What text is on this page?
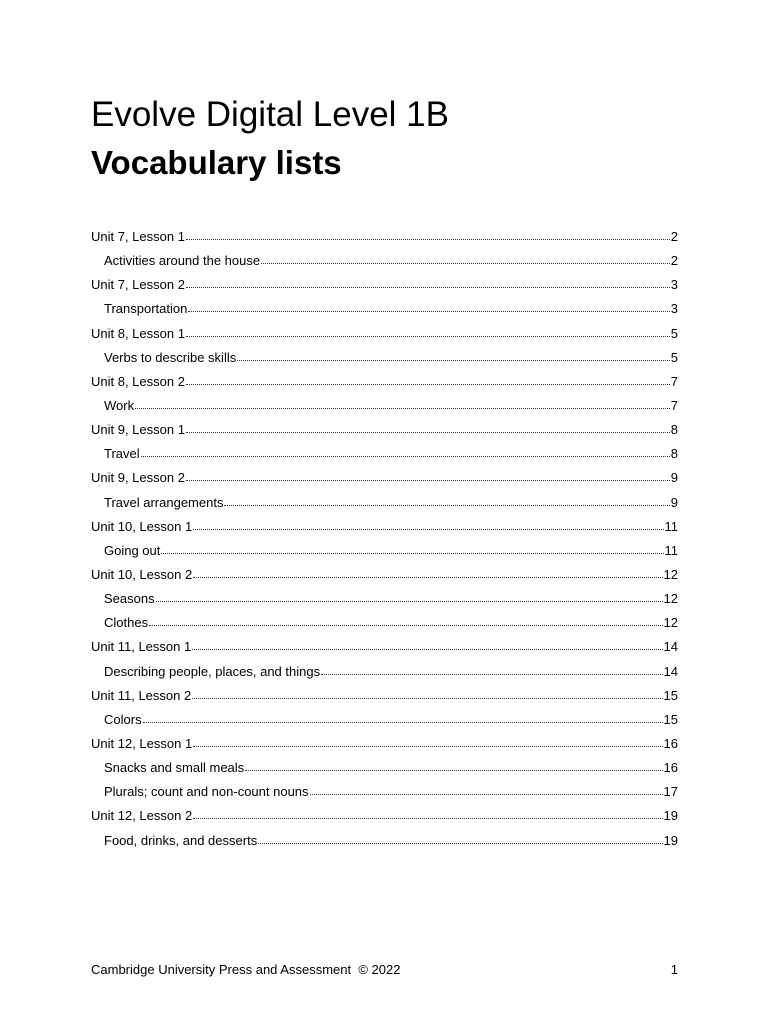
Evolve Digital Level 1B
Vocabulary lists
Unit 7, Lesson 1	2
Activities around the house	2
Unit 7, Lesson 2	3
Transportation	3
Unit 8, Lesson 1	5
Verbs to describe skills	5
Unit 8, Lesson 2	7
Work	7
Unit 9, Lesson 1	8
Travel	8
Unit 9, Lesson 2	9
Travel arrangements	9
Unit 10, Lesson 1	11
Going out	11
Unit 10, Lesson 2	12
Seasons	12
Clothes	12
Unit 11, Lesson 1	14
Describing people, places, and things	14
Unit 11, Lesson 2	15
Colors	15
Unit 12, Lesson 1	16
Snacks and small meals	16
Plurals; count and non-count nouns	17
Unit 12, Lesson 2	19
Food, drinks, and desserts	19
Cambridge University Press and Assessment  © 2022	1
